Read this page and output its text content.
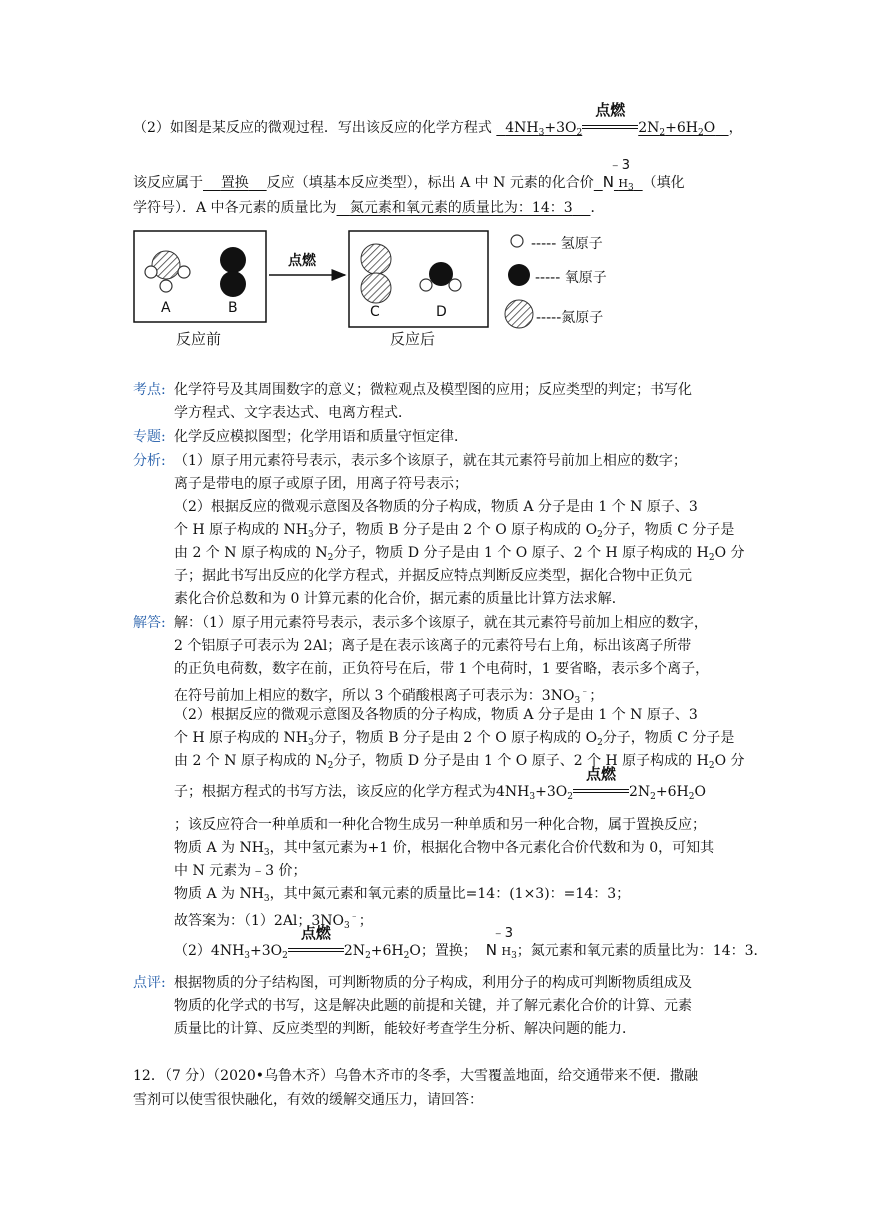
（2）如图是某反应的微观过程．写出该反应的化学方程式 $4NH_3+3O_2$
点燃
$2N_2+6H_2O$ ，
该反应属于 置换 反应（填基本反应类型），标出 A 中 N 元素的化合价
﹣3
N $H_3$ （填化
学符号）．A 中各元素的质量比为 氮元素和氧元素的质量比为：14：3 ．
点燃
A	B	C	D
----- 氢原子
----- 氧原子
-----氮原子
反应前	反应后
考点: 化学符号及其周围数字的意义；微粒观点及模型图的应用；反应类型的判定；书写化
学方程式、文字表达式、电离方程式．
专题: 化学反应模拟图型；化学用语和质量守恒定律．
分析: （1）原子用元素符号表示，表示多个该原子，就在其元素符号前加上相应的数字；
离子是带电的原子或原子团，用离子符号表示；
（2）根据反应的微观示意图及各物质的分子构成，物质 A 分子是由 1 个 N 原子、3
个 H 原子构成的 $NH_3$分子，物质 B 分子是由 2 个 O 原子构成的 $O_2$分子，物质 C 分子是
由 2 个 N 原子构成的 $N_2$分子，物质 D 分子是由 1 个 O 原子、2 个 H 原子构成的 $H_2O$ 分
子；据此书写出反应的化学方程式，并据反应特点判断反应类型，据化合物中正负元
素化合价总数和为 0 计算元素的化合价，据元素的质量比计算方法求解．
解答: 解：（1）原子用元素符号表示，表示多个该原子，就在其元素符号前加上相应的数字，
2 个铝原子可表示为 2Al；离子是在表示该离子的元素符号右上角，标出该离子所带
的正负电荷数，数字在前，正负符号在后，带 1 个电荷时，1 要省略，表示多个离子，
在符号前加上相应的数字，所以 3 个硝酸根离子可表示为：$3NO_3^﹣$；
（2）根据反应的微观示意图及各物质的分子构成，物质 A 分子是由 1 个 N 原子、3
个 H 原子构成的 $NH_3$分子，物质 B 分子是由 2 个 O 原子构成的 $O_2$分子，物质 C 分子是
由 2 个 N 原子构成的 $N_2$分子，物质 D 分子是由 1 个 O 原子、2 个 H 原子构成的 $H_2O$ 分
子；根据方程式的书写方法，该反应的化学方程式为$4NH_3+3O_2$
点燃
$2N_2+6H_2O$
；该反应符合一种单质和一种化合物生成另一种单质和另一种化合物，属于置换反应；
物质 A 为 $NH_3$，其中氢元素为+1 价，根据化合物中各元素化合价代数和为 0，可知其
中 N 元素为﹣3 价；
物质 A 为 $NH_3$，其中氮元素和氧元素的质量比=14：(1×3)：=14：3；
故答案为：（1）2Al；$3NO_3^﹣$；
$(2)4NH_3+3O_2$
点燃
$2N_2+6H_2O$；置换；
﹣3
N $H_3$；氮元素和氧元素的质量比为：14：3．
点评: 根据物质的分子结构图，可判断物质的分子构成，利用分子的构成可判断物质组成及
物质的化学式的书写，这是解决此题的前提和关键，并了解元素化合价的计算、元素
质量比的计算、反应类型的判断，能较好考查学生分析、解决问题的能力．
12．（7 分）（2020•乌鲁木齐）乌鲁木齐市的冬季，大雪覆盖地面，给交通带来不便．撒融
雪剂可以使雪很快融化，有效的缓解交通压力，请回答：
